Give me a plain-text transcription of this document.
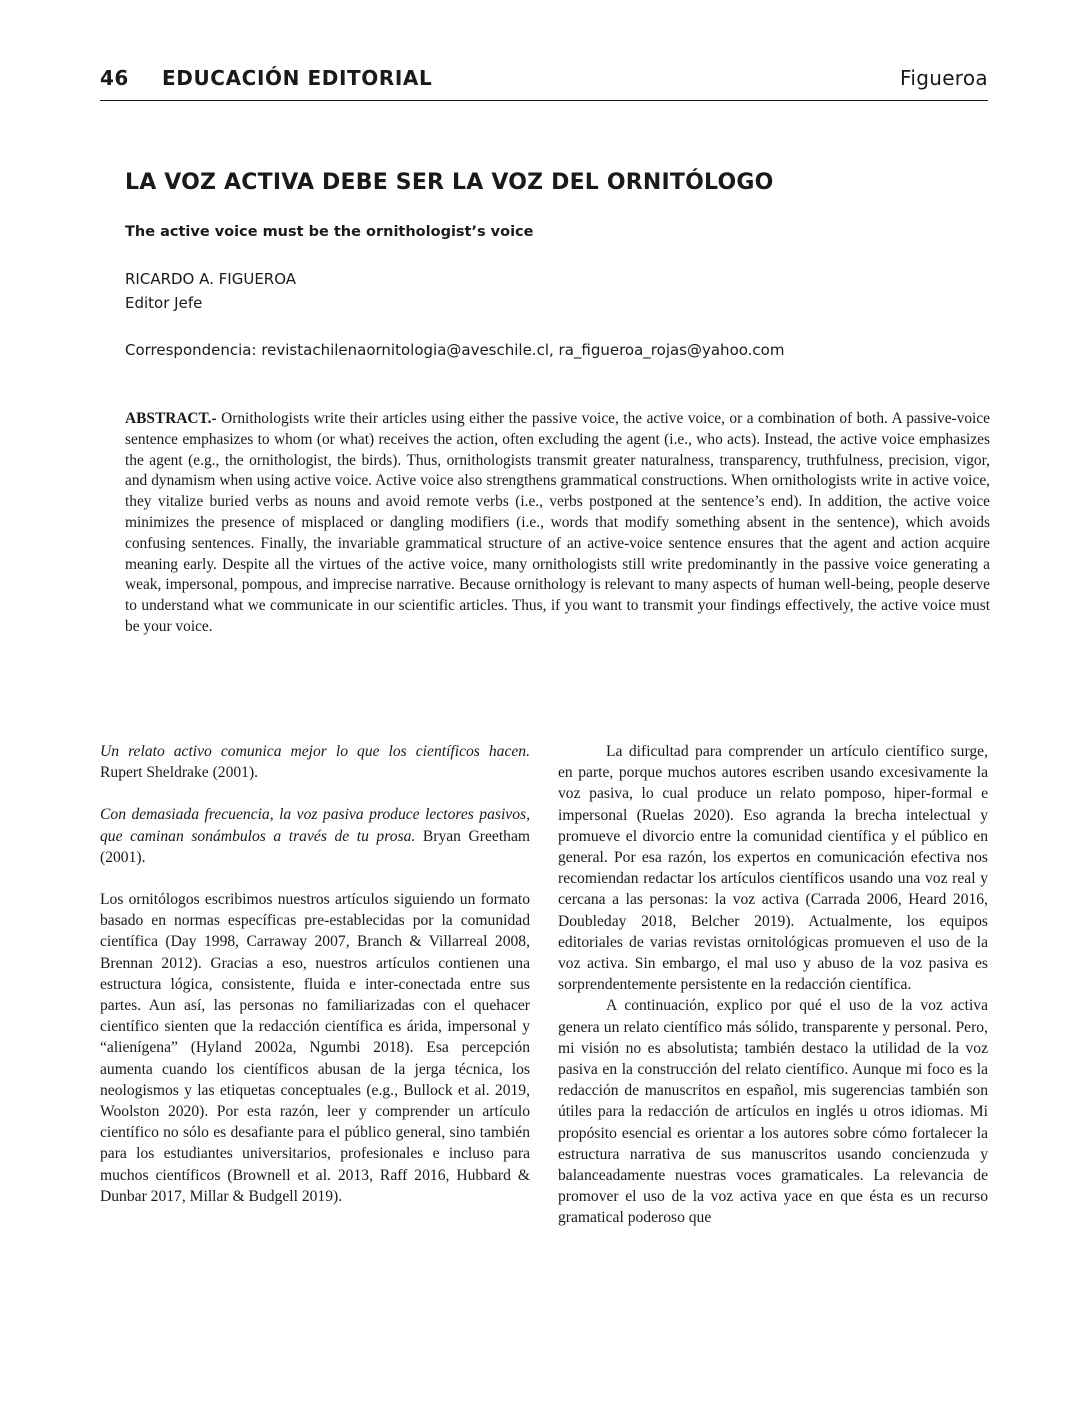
46 EDUCACIÓN EDITORIAL	Figueroa
LA VOZ ACTIVA DEBE SER LA VOZ DEL ORNITÓLOGO
The active voice must be the ornithologist’s voice
RICARDO A. FIGUEROA
Editor Jefe
Correspondencia: revistachilenaornitologia@aveschile.cl, ra_figueroa_rojas@yahoo.com

ABSTRACT.- Ornithologists write their articles using either the passive voice, the active voice, or a combination of both. A passive-voice sentence emphasizes to whom (or what) receives the action, often excluding the agent (i.e., who acts). Instead, the active voice emphasizes the agent (e.g., the ornithologist, the birds). Thus, ornithologists transmit greater naturalness, transparency, truthfulness, precision, vigor, and dynamism when using active voice. Active voice also strengthens grammatical constructions. When ornithologists write in active voice, they vitalize buried verbs as nouns and avoid remote verbs (i.e., verbs postponed at the sentence’s end). In addition, the active voice minimizes the presence of misplaced or dangling modifiers (i.e., words that modify something absent in the sentence), which avoids confusing sentences. Finally, the invariable grammatical structure of an active-voice sentence ensures that the agent and action acquire meaning early. Despite all the virtues of the active voice, many ornithologists still write predominantly in the passive voice generating a weak, impersonal, pompous, and imprecise narrative. Because ornithology is relevant to many aspects of human well-being, people deserve to understand what we communicate in our scientific articles. Thus, if you want to transmit your findings effectively, the active voice must be your voice.

Un relato activo comunica mejor lo que los científicos hacen. Rupert Sheldrake (2001).

Con demasiada frecuencia, la voz pasiva produce lectores pasivos, que caminan sonámbulos a través de tu prosa. Bryan Greetham (2001).

Los ornitólogos escribimos nuestros artículos siguiendo un formato basado en normas específicas pre-establecidas por la comunidad científica (Day 1998, Carraway 2007, Branch & Villarreal 2008, Brennan 2012). Gracias a eso, nuestros artículos contienen una estructura lógica, consistente, fluida e inter-conectada entre sus partes. Aun así, las personas no familiarizadas con el quehacer científico sienten que la redacción científica es árida, impersonal y “alienígena” (Hyland 2002a, Ngumbi 2018). Esa percepción aumenta cuando los científicos abusan de la jerga técnica, los neologismos y las etiquetas conceptuales (e.g., Bullock et al. 2019, Woolston 2020). Por esta razón, leer y comprender un artículo científico no sólo es desafiante para el público general, sino también para los estudiantes universitarios, profesionales e incluso para muchos científicos (Brownell et al. 2013, Raff 2016, Hubbard & Dunbar 2017, Millar & Budgell 2019).

La dificultad para comprender un artículo científico surge, en parte, porque muchos autores escriben usando excesivamente la voz pasiva, lo cual produce un relato pomposo, hiper-formal e impersonal (Ruelas 2020). Eso agranda la brecha intelectual y promueve el divorcio entre la comunidad científica y el público en general. Por esa razón, los expertos en comunicación efectiva nos recomiendan redactar los artículos científicos usando una voz real y cercana a las personas: la voz activa (Carrada 2006, Heard 2016, Doubleday 2018, Belcher 2019). Actualmente, los equipos editoriales de varias revistas ornitológicas promueven el uso de la voz activa. Sin embargo, el mal uso y abuso de la voz pasiva es sorprendentemente persistente en la redacción científica.

A continuación, explico por qué el uso de la voz activa genera un relato científico más sólido, transparente y personal. Pero, mi visión no es absolutista; también destaco la utilidad de la voz pasiva en la construcción del relato científico. Aunque mi foco es la redacción de manuscritos en español, mis sugerencias también son útiles para la redacción de artículos en inglés u otros idiomas. Mi propósito esencial es orientar a los autores sobre cómo fortalecer la estructura narrativa de sus manuscritos usando concienzuda y balanceadamente nuestras voces gramaticales. La relevancia de promover el uso de la voz activa yace en que ésta es un recurso gramatical poderoso que
